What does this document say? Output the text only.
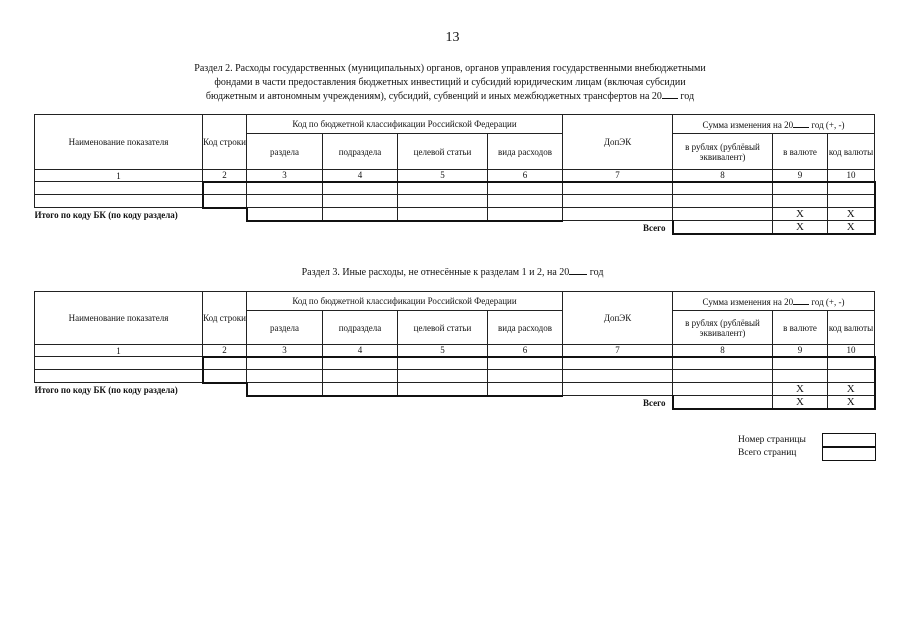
13
Раздел 2. Расходы государственных (муниципальных) органов, органов управления государственными внебюджетными
фондами в части предоставления бюджетных инвестиций и субсидий юридическим лицам (включая субсидии
бюджетным и автономным учреждениям), субсидий, субвенций и иных межбюджетных трансфертов на 20 год
Наименование показателя	Код строки	Код по бюджетной классификации Российской Федерации				ДопЭК	Сумма изменения на 20 год (+, -)		
		раздела	подраздела	целевой статьи	вида расходов		в рублях (рублёвый эквивалент)	в валюте	код валюты
1	2	3	4	5	6	7	8	9	10

Итого по коду БК (по коду раздела)								X	X
Всего								X	X
Раздел 3. Иные расходы, не отнесённые к разделам 1 и 2, на 20 год
Наименование показателя	Код строки	Код по бюджетной классификации Российской Федерации				ДопЭК	Сумма изменения на 20 год (+, -)		
		раздела	подраздела	целевой статьи	вида расходов		в рублях (рублёвый эквивалент)	в валюте	код валюты
1	2	3	4	5	6	7	8	9	10

Итого по коду БК (по коду раздела)								X	X
Всего								X	X
Номер страницы
Всего страниц
